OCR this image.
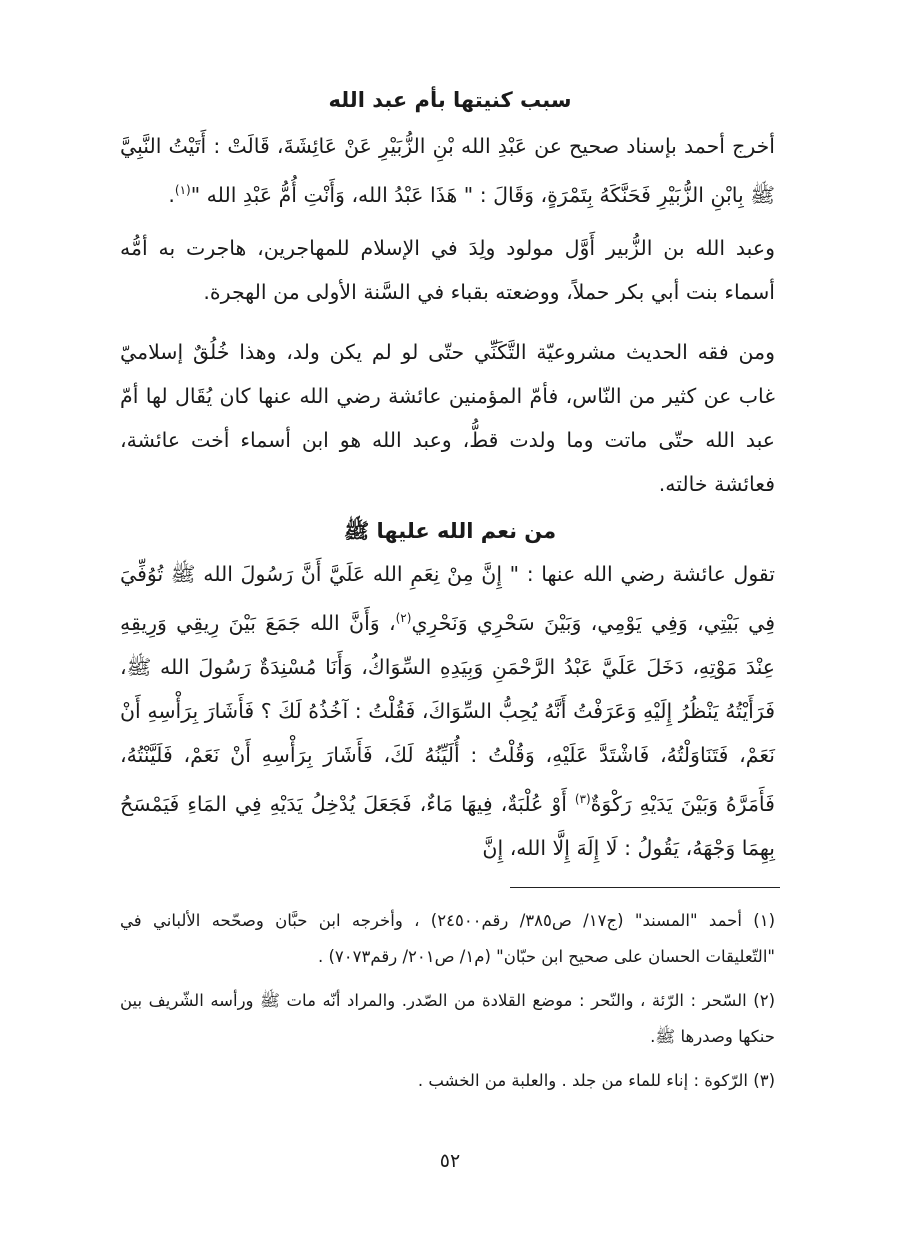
سبب كنيتها بأم عبد الله

أخرج أحمد بإسناد صحيح عن عَبْدِ الله بْنِ الزُّبَيْرِ عَنْ عَائِشَةَ، قَالَتْ : أَتَيْتُ النَّبِيَّ ﷺ بِابْنِ الزُّبَيْرِ فَحَنَّكَهُ بِتَمْرَةٍ، وَقَالَ : " هَذَا عَبْدُ الله، وَأَنْتِ أُمُّ عَبْدِ الله "$^{(١)}$.

وعبد الله بن الزُّبير أَوَّل مولود ولِدَ في الإسلام للمهاجرين، هاجرت به أمُّه أسماء بنت أبي بكر حملاً، ووضعته بقباء في السَّنة الأولى من الهجرة.

ومن فقه الحديث مشروعيّة التَّكَنِّي حتّى لو لم يكن ولد، وهذا خُلُقٌ إسلاميّ غاب عن كثير من النّاس، فأمّ المؤمنين عائشة رضي الله عنها كان يُقَال لها أمّ عبد الله حتّى ماتت وما ولدت قطُّ، وعبد الله هو ابن أسماء أخت عائشة، فعائشة خالته.

من نعم الله عليها ﷺ

تقول عائشة رضي الله عنها : " إِنَّ مِنْ نِعَمِ الله عَلَيَّ أَنَّ رَسُولَ الله ﷺ تُوُفِّيَ فِي بَيْتِي، وَفِي يَوْمِي، وَبَيْنَ سَحْرِي وَنَحْرِي$^{(٢)}$، وَأَنَّ الله جَمَعَ بَيْنَ رِيقِي وَرِيقِهِ عِنْدَ مَوْتِهِ، دَخَلَ عَلَيَّ عَبْدُ الرَّحْمَنِ وَبِيَدِهِ السِّوَاكُ، وَأَنَا مُسْنِدَةٌ رَسُولَ الله ﷺ، فَرَأَيْتُهُ يَنْظُرُ إِلَيْهِ وَعَرَفْتُ أَنَّهُ يُحِبُّ السِّوَاكَ، فَقُلْتُ : آخُذُهُ لَكَ ؟ فَأَشَارَ بِرَأْسِهِ أَنْ نَعَمْ، فَتَنَاوَلْتُهُ، فَاشْتَدَّ عَلَيْهِ، وَقُلْتُ : أُلَيِّنُهُ لَكَ، فَأَشَارَ بِرَأْسِهِ أَنْ نَعَمْ، فَلَيَّنْتُهُ، فَأَمَرَّهُ وَبَيْنَ يَدَيْهِ رَكْوَةٌ$^{(٣)}$ أَوْ عُلْبَةٌ، فِيهَا مَاءٌ، فَجَعَلَ يُدْخِلُ يَدَيْهِ فِي المَاءِ فَيَمْسَحُ بِهِمَا وَجْهَهُ، يَقُولُ : لَا إِلَهَ إِلَّا الله، إِنَّ

(١) أحمد "المسند" (ج١٧/ ص٣٨٥/ رقم٢٤٥٠٠) ، وأخرجه ابن حبَّان وصحّحه الألباني في "التّعليقات الحسان على صحيح ابن حبّان" (م١/ ص٢٠١/ رقم٧٠٧٣) .

(٢) السّحر : الرّئة ، والنّحر : موضع القلادة من الصّدر. والمراد أنّه مات ﷺ ورأسه الشّريف بين حنكها وصدرها ﷺ.

(٣) الرّكوة : إناء للماء من جلد . والعلبة من الخشب .

٥٢
